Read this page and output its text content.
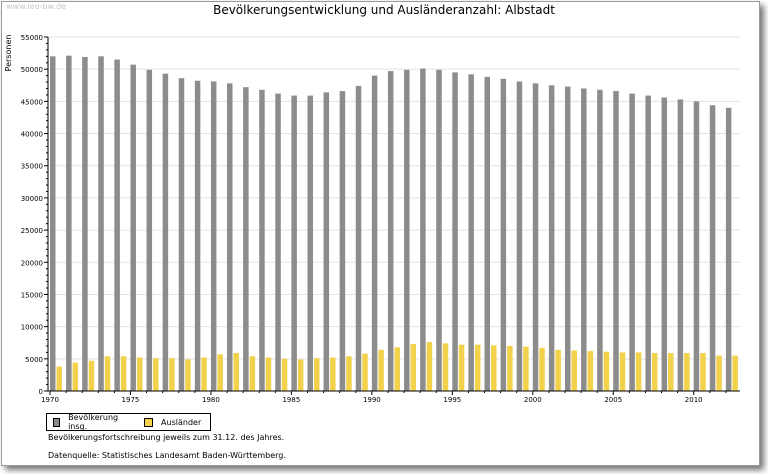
www.leo-bw.de	Bevölkerungsentwicklung und Ausländeranzahl: Albstadt
0
5000
10000
15000
20000
25000
30000
35000
40000
45000
50000
55000
1970	1975	1980	1985	1990	1995	2000	2005	2010
Personen
Bevölkerung insg.	Ausländer
Bevölkerungsfortschreibung jeweils zum 31.12. des Jahres.
Datenquelle: Statistisches Landesamt Baden-Württemberg.
